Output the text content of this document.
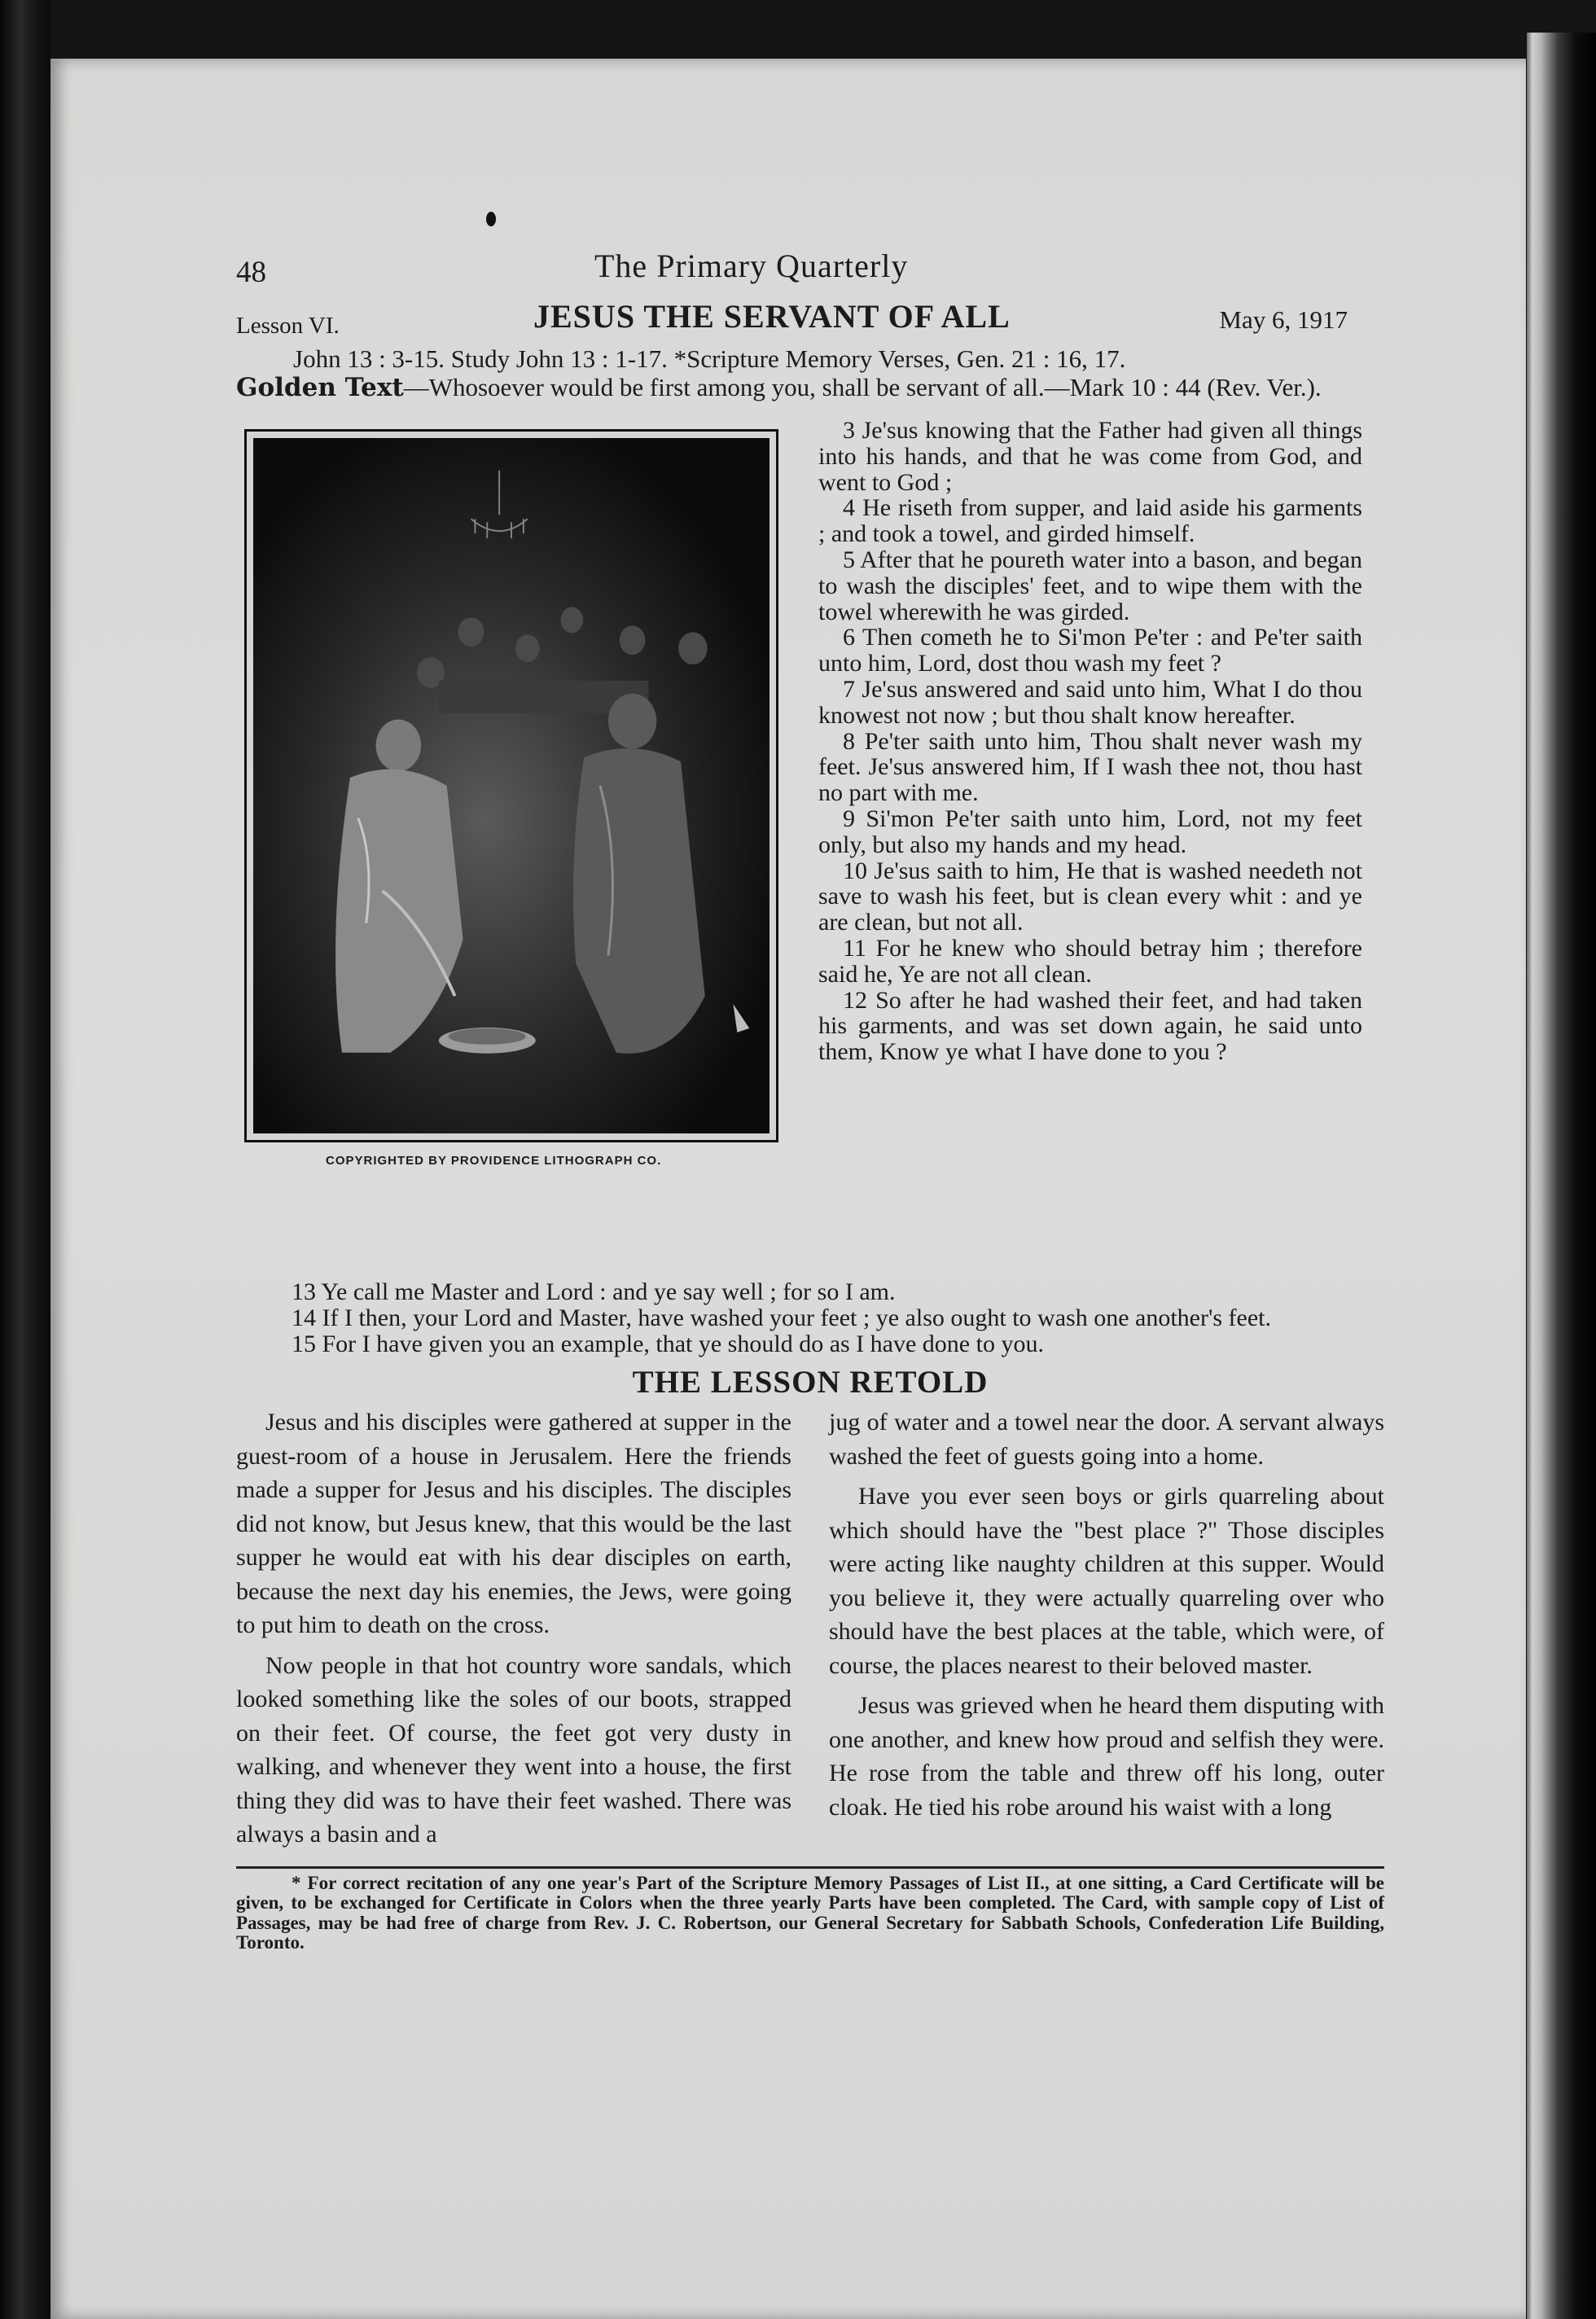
48	The Primary Quarterly
Lesson VI.	JESUS THE SERVANT OF ALL	May 6, 1917
John 13 : 3-15. Study John 13 : 1-17. *Scripture Memory Verses, Gen. 21 : 16, 17.
Golden Text—Whosoever would be first among you, shall be servant of all.—Mark 10 : 44 (Rev. Ver.).
COPYRIGHTED BY PROVIDENCE LITHOGRAPH CO.

3 Je'sus knowing that the Father had given all things into his hands, and that he was come from God, and went to God ;

4 He riseth from supper, and laid aside his garments ; and took a towel, and girded himself.

5 After that he poureth water into a bason, and began to wash the disciples' feet, and to wipe them with the towel wherewith he was girded.

6 Then cometh he to Si'mon Pe'ter : and Pe'ter saith unto him, Lord, dost thou wash my feet ?

7 Je'sus answered and said unto him, What I do thou knowest not now ; but thou shalt know hereafter.

8 Pe'ter saith unto him, Thou shalt never wash my feet. Je'sus answered him, If I wash thee not, thou hast no part with me.

9 Si'mon Pe'ter saith unto him, Lord, not my feet only, but also my hands and my head.

10 Je'sus saith to him, He that is washed needeth not save to wash his feet, but is clean every whit : and ye are clean, but not all.

11 For he knew who should betray him ; therefore said he, Ye are not all clean.

12 So after he had washed their feet, and had taken his garments, and was set down again, he said unto them, Know ye what I have done to you ?

13 Ye call me Master and Lord : and ye say well ; for so I am.

14 If I then, your Lord and Master, have washed your feet ; ye also ought to wash one another's feet.

15 For I have given you an example, that ye should do as I have done to you.

THE LESSON RETOLD

Jesus and his disciples were gathered at supper in the guest-room of a house in Jerusalem. Here the friends made a supper for Jesus and his disciples. The disciples did not know, but Jesus knew, that this would be the last supper he would eat with his dear disciples on earth, because the next day his enemies, the Jews, were going to put him to death on the cross.

Now people in that hot country wore sandals, which looked something like the soles of our boots, strapped on their feet. Of course, the feet got very dusty in walking, and whenever they went into a house, the first thing they did was to have their feet washed. There was always a basin and a

jug of water and a towel near the door. A servant always washed the feet of guests going into a home.

Have you ever seen boys or girls quarreling about which should have the "best place ?" Those disciples were acting like naughty children at this supper. Would you believe it, they were actually quarreling over who should have the best places at the table, which were, of course, the places nearest to their beloved master.

Jesus was grieved when he heard them disputing with one another, and knew how proud and selfish they were. He rose from the table and threw off his long, outer cloak. He tied his robe around his waist with a long

* For correct recitation of any one year's Part of the Scripture Memory Passages of List II., at one sitting, a Card Certificate will be given, to be exchanged for Certificate in Colors when the three yearly Parts have been completed. The Card, with sample copy of List of Passages, may be had free of charge from Rev. J. C. Robertson, our General Secretary for Sabbath Schools, Confederation Life Building, Toronto.
